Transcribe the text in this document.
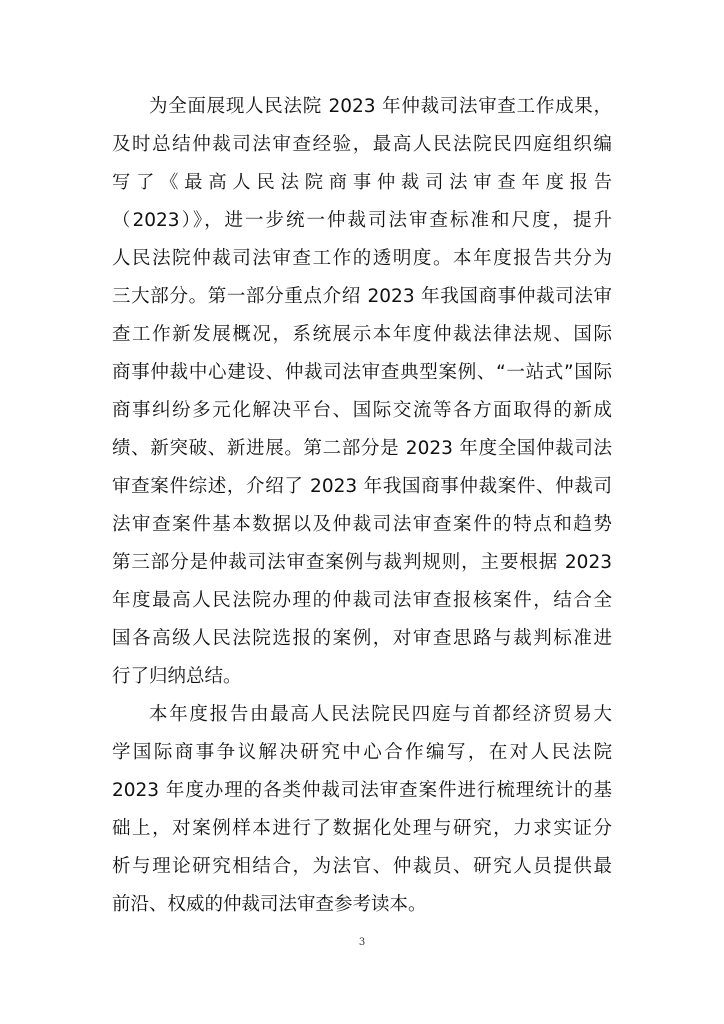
为全面展现人民法院 2023 年仲裁司法审查工作成果，
及时总结仲裁司法审查经验，最高人民法院民四庭组织编
写 了 《 最 高 人 民 法 院 商 事 仲 裁 司 法 审 查 年 度 报 告
（2023）》，进一步统一仲裁司法审查标准和尺度，提升
人民法院仲裁司法审查工作的透明度。本年度报告共分为
三大部分。第一部分重点介绍 2023 年我国商事仲裁司法审
查工作新发展概况，系统展示本年度仲裁法律法规、国际
商事仲裁中心建设、仲裁司法审查典型案例、“一站式”国际
商事纠纷多元化解决平台、国际交流等各方面取得的新成
绩、新突破、新进展。第二部分是 2023 年度全国仲裁司法
审查案件综述，介绍了 2023 年我国商事仲裁案件、仲裁司
法审查案件基本数据以及仲裁司法审查案件的特点和趋势
第三部分是仲裁司法审查案例与裁判规则，主要根据 2023
年度最高人民法院办理的仲裁司法审查报核案件，结合全
国各高级人民法院选报的案例，对审查思路与裁判标准进
行了归纳总结。
本年度报告由最高人民法院民四庭与首都经济贸易大
学国际商事争议解决研究中心合作编写，在对人民法院
2023 年度办理的各类仲裁司法审查案件进行梳理统计的基
础上，对案例样本进行了数据化处理与研究，力求实证分
析与理论研究相结合，为法官、仲裁员、研究人员提供最
前沿、权威的仲裁司法审查参考读本。
3
